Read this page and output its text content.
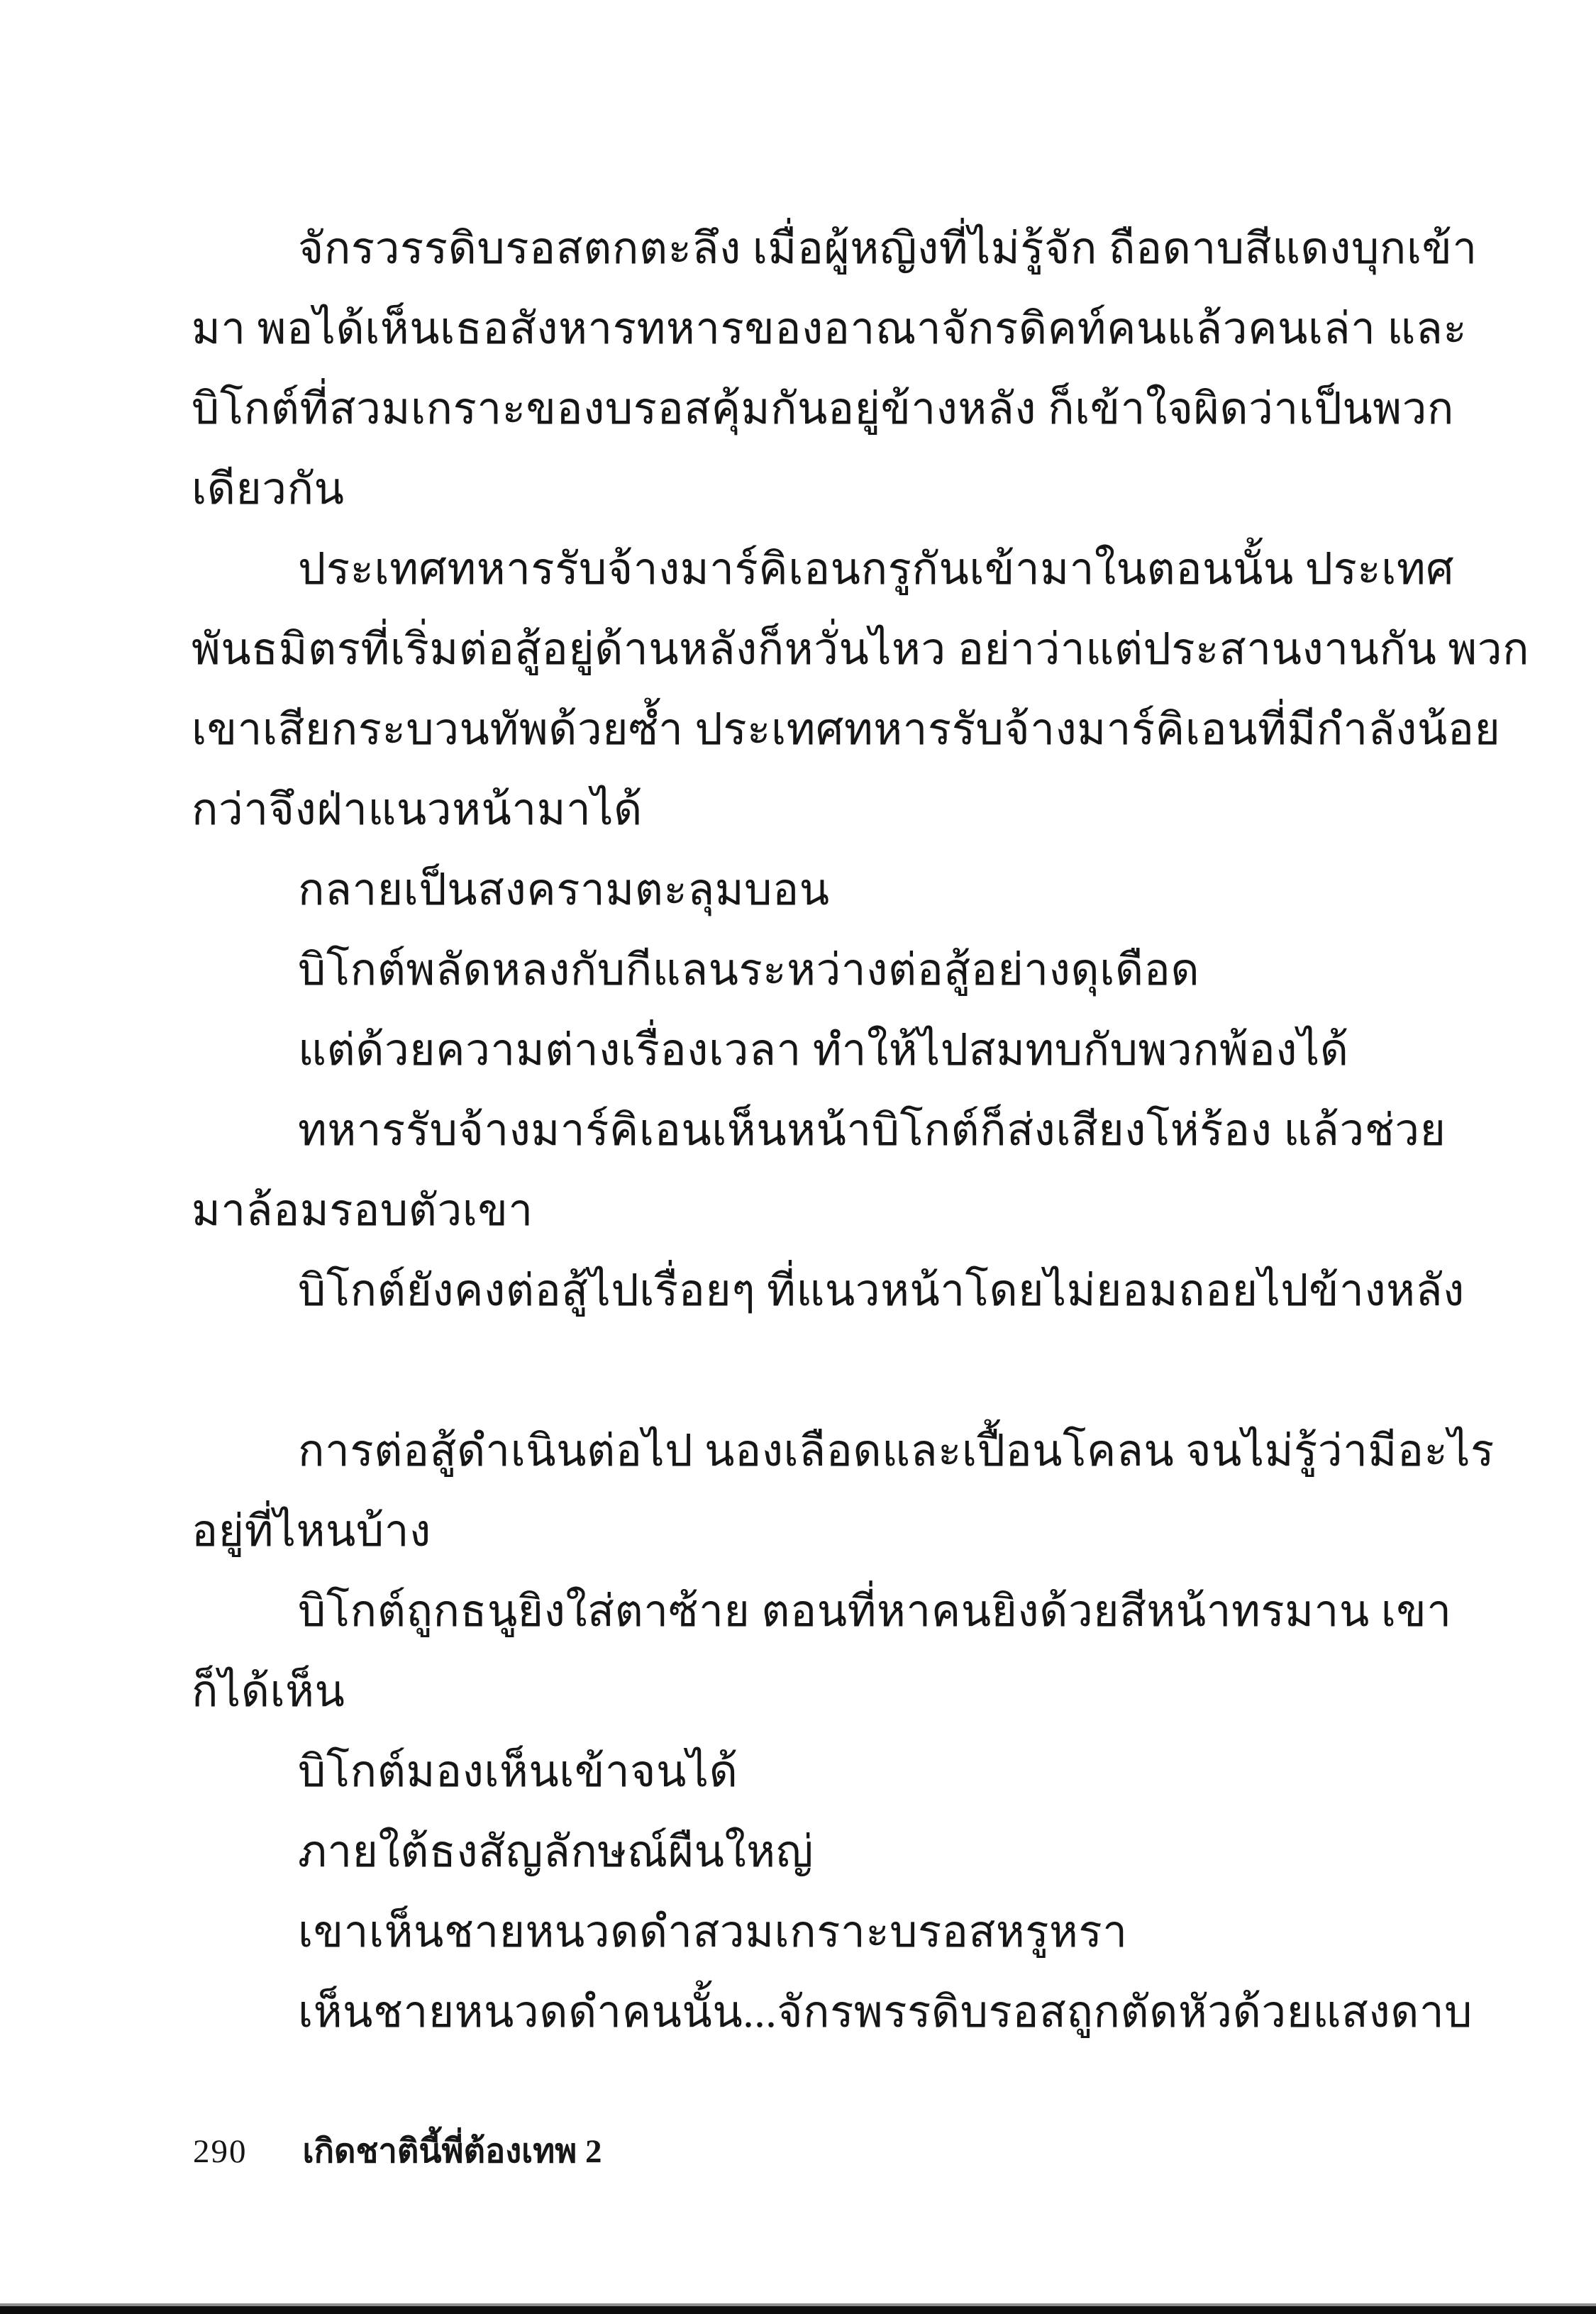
จักรวรรดิบรอสตกตะลึง เมื่อผู้หญิงที่ไม่รู้จัก ถือดาบสีแดงบุกเข้า
มา พอได้เห็นเธอสังหารทหารของอาณาจักรดิคท์คนแล้วคนเล่า และ
บิโกต์ที่สวมเกราะของบรอสคุ้มกันอยู่ข้างหลัง ก็เข้าใจผิดว่าเป็นพวก
เดียวกัน
ประเทศทหารรับจ้างมาร์คิเอนกรูกันเข้ามาในตอนนั้น ประเทศ
พันธมิตรที่เริ่มต่อสู้อยู่ด้านหลังก็หวั่นไหว อย่าว่าแต่ประสานงานกัน พวก
เขาเสียกระบวนทัพด้วยซ้ำ ประเทศทหารรับจ้างมาร์คิเอนที่มีกำลังน้อย
กว่าจึงฝ่าแนวหน้ามาได้
กลายเป็นสงครามตะลุมบอน
บิโกต์พลัดหลงกับกีแลนระหว่างต่อสู้อย่างดุเดือด
แต่ด้วยความต่างเรื่องเวลา ทำให้ไปสมทบกับพวกพ้องได้
ทหารรับจ้างมาร์คิเอนเห็นหน้าบิโกต์ก็ส่งเสียงโห่ร้อง แล้วช่วย
มาล้อมรอบตัวเขา
บิโกต์ยังคงต่อสู้ไปเรื่อยๆ ที่แนวหน้าโดยไม่ยอมถอยไปข้างหลัง
การต่อสู้ดำเนินต่อไป นองเลือดและเปื้อนโคลน จนไม่รู้ว่ามีอะไร
อยู่ที่ไหนบ้าง
บิโกต์ถูกธนูยิงใส่ตาซ้าย ตอนที่หาคนยิงด้วยสีหน้าทรมาน เขา
ก็ได้เห็น
บิโกต์มองเห็นเข้าจนได้
ภายใต้ธงสัญลักษณ์ผืนใหญ่
เขาเห็นชายหนวดดำสวมเกราะบรอสหรูหรา
เห็นชายหนวดดำคนนั้น...จักรพรรดิบรอสถูกตัดหัวด้วยแสงดาบ
290 เกิดชาตินี้พี่ต้องเทพ 2
